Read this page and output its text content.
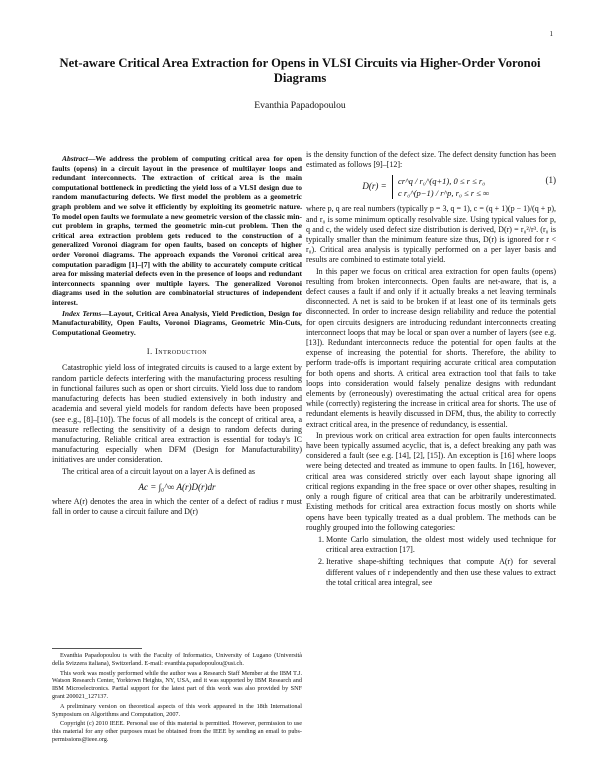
1
Net-aware Critical Area Extraction for Opens in VLSI Circuits via Higher-Order Voronoi Diagrams
Evanthia Papadopoulou

Abstract—We address the problem of computing critical area for open faults (opens) in a circuit layout in the presence of multilayer loops and redundant interconnects. The extraction of critical area is the main computational bottleneck in predicting the yield loss of a VLSI design due to random manufacturing defects. We first model the problem as a geometric graph problem and we solve it efficiently by exploiting its geometric nature. To model open faults we formulate a new geometric version of the classic min-cut problem in graphs, termed the geometric min-cut problem. Then the critical area extraction problem gets reduced to the construction of a generalized Voronoi diagram for open faults, based on concepts of higher order Voronoi diagrams. The approach expands the Voronoi critical area computation paradigm [1]–[7] with the ability to accurately compute critical area for missing material defects even in the presence of loops and redundant interconnects spanning over multiple layers. The generalized Voronoi diagrams used in the solution are combinatorial structures of independent interest.

Index Terms—Layout, Critical Area Analysis, Yield Prediction, Design for Manufacturability, Open Faults, Voronoi Diagrams, Geometric Min-Cuts, Computational Geometry.

I. Introduction

Catastrophic yield loss of integrated circuits is caused to a large extent by random particle defects interfering with the manufacturing process resulting in functional failures such as open or short circuits. Yield loss due to random manufacturing defects has been studied extensively in both industry and academia and several yield models for random defects have been proposed (see e.g., [8]–[10]). The focus of all models is the concept of critical area, a measure reflecting the sensitivity of a design to random defects during manufacturing. Reliable critical area extraction is essential for today's IC manufacturing especially when DFM (Design for Manufacturability) initiatives are under consideration.

The critical area of a circuit layout on a layer A is defined as

Ac = ∫₀^∞ A(r)D(r)dr

where A(r) denotes the area in which the center of a defect of radius r must fall in order to cause a circuit failure and D(r)

Evanthia Papadopoulou is with the Faculty of Informatics, University of Lugano (Università della Svizzera italiana), Switzerland. E-mail: evanthia.papadopoulou@usi.ch.

This work was mostly performed while the author was a Research Staff Member at the IBM T.J. Watson Research Center, Yorktown Heights, NY, USA, and it was supported by IBM Research and IBM Microelectronics. Partial support for the latest part of this work was also provided by SNF grant 200021_127137.

A preliminary version on theoretical aspects of this work appeared in the 18th International Symposium on Algorithms and Computation, 2007.

Copyright (c) 2010 IEEE. Personal use of this material is permitted. However, permission to use this material for any other purposes must be obtained from the IEEE by sending an email to pubs-permissions@ieee.org.

is the density function of the defect size. The defect density function has been estimated as follows [9]–[12]:

D(r) = cr^q / r₀^(q+1), 0 ≤ r ≤ r₀
c r₀^(p−1) / r^p, r₀ ≤ r ≤ ∞
(1)

where p, q are real numbers (typically p = 3, q = 1), c = (q + 1)(p − 1)/(q + p), and r₀ is some minimum optically resolvable size. Using typical values for p, q and c, the widely used defect size distribution is derived, D(r) = r₀²/r³. (r₀ is typically smaller than the minimum feature size thus, D(r) is ignored for r < r₀). Critical area analysis is typically performed on a per layer basis and results are combined to estimate total yield.

In this paper we focus on critical area extraction for open faults (opens) resulting from broken interconnects. Open faults are net-aware, that is, a defect causes a fault if and only if it actually breaks a net leaving terminals disconnected. A net is said to be broken if at least one of its terminals gets disconnected. In order to increase design reliability and reduce the potential for open circuits designers are introducing redundant interconnects creating interconnect loops that may be local or span over a number of layers (see e.g. [13]). Redundant interconnects reduce the potential for open faults at the expense of increasing the potential for shorts. Therefore, the ability to perform trade-offs is important requiring accurate critical area computation for both opens and shorts. A critical area extraction tool that fails to take loops into consideration would falsely penalize designs with redundant elements by (erroneously) overestimating the actual critical area for opens while (correctly) registering the increase in critical area for shorts. The use of redundant elements is heavily discussed in DFM, thus, the ability to correctly extract critical area, in the presence of redundancy, is essential.

In previous work on critical area extraction for open faults interconnects have been typically assumed acyclic, that is, a defect breaking any path was considered a fault (see e.g. [14], [2], [15]). An exception is [16] where loops were being detected and treated as immune to open faults. In [16], however, critical area was considered strictly over each layout shape ignoring all critical regions expanding in the free space or over other shapes, resulting in only a rough figure of critical area that can be arbitrarily underestimated. Existing methods for critical area extraction focus mostly on shorts while opens have been typically treated as a dual problem. The methods can be roughly grouped into the following categories:

1. Monte Carlo simulation, the oldest most widely used technique for critical area extraction [17].
2. Iterative shape-shifting techniques that compute A(r) for several different values of r independently and then use these values to extract the total critical area integral, see
